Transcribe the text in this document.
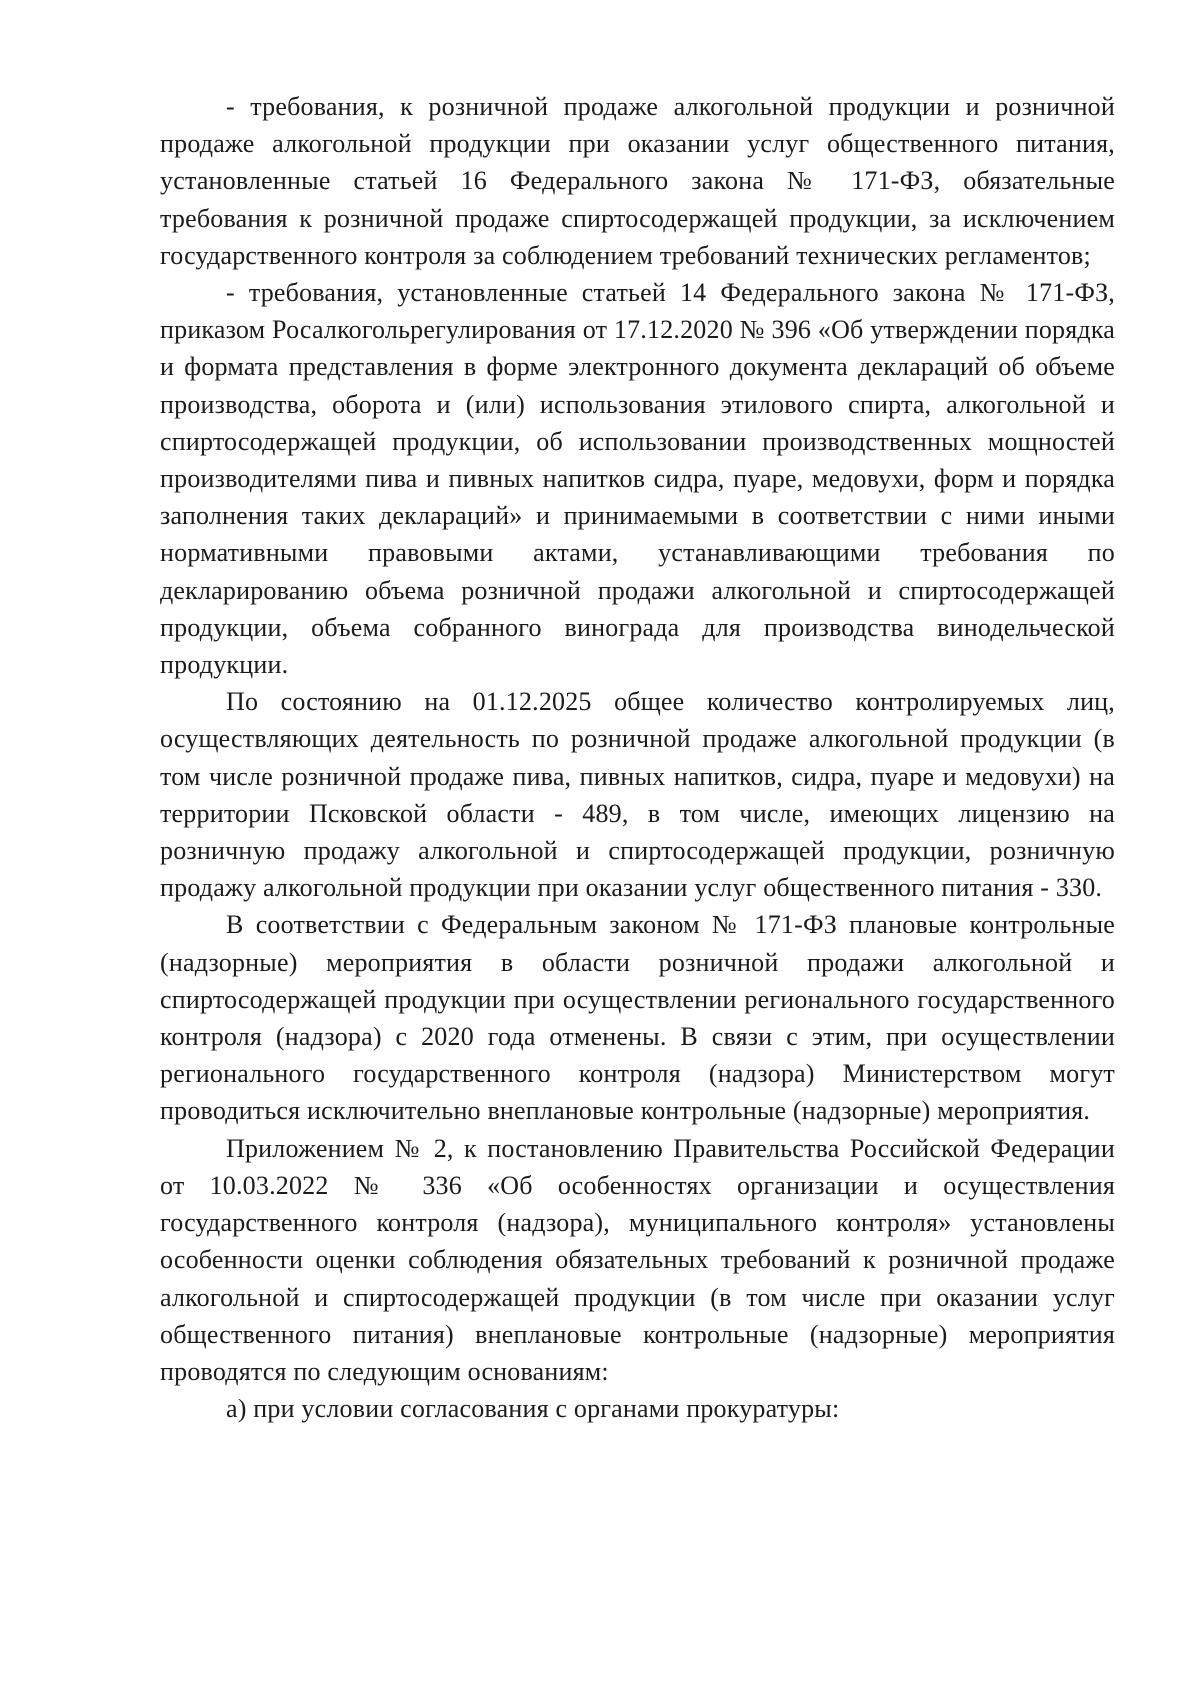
- требования, к розничной продаже алкогольной продукции и розничной продаже алкогольной продукции при оказании услуг общественного питания, установленные статьей 16 Федерального закона № 171-ФЗ, обязательные требования к розничной продаже спиртосодержащей продукции, за исключением государственного контроля за соблюдением требований технических регламентов;

- требования, установленные статьей 14 Федерального закона № 171-ФЗ, приказом Росалкогольрегулирования от 17.12.2020 № 396 «Об утверждении порядка и формата представления в форме электронного документа деклараций об объеме производства, оборота и (или) использования этилового спирта, алкогольной и спиртосодержащей продукции, об использовании производственных мощностей производителями пива и пивных напитков сидра, пуаре, медовухи, форм и порядка заполнения таких деклараций» и принимаемыми в соответствии с ними иными нормативными правовыми актами, устанавливающими требования по декларированию объема розничной продажи алкогольной и спиртосодержащей продукции, объема собранного винограда для производства винодельческой продукции.

По состоянию на 01.12.2025 общее количество контролируемых лиц, осуществляющих деятельность по розничной продаже алкогольной продукции (в том числе розничной продаже пива, пивных напитков, сидра, пуаре и медовухи) на территории Псковской области - 489, в том числе, имеющих лицензию на розничную продажу алкогольной и спиртосодержащей продукции, розничную продажу алкогольной продукции при оказании услуг общественного питания - 330.

В соответствии с Федеральным законом № 171-ФЗ плановые контрольные (надзорные) мероприятия в области розничной продажи алкогольной и спиртосодержащей продукции при осуществлении регионального государственного контроля (надзора) с 2020 года отменены. В связи с этим, при осуществлении регионального государственного контроля (надзора) Министерством могут проводиться исключительно внеплановые контрольные (надзорные) мероприятия.

Приложением № 2, к постановлению Правительства Российской Федерации от 10.03.2022 № 336 «Об особенностях организации и осуществления государственного контроля (надзора), муниципального контроля» установлены особенности оценки соблюдения обязательных требований к розничной продаже алкогольной и спиртосодержащей продукции (в том числе при оказании услуг общественного питания) внеплановые контрольные (надзорные) мероприятия проводятся по следующим основаниям:

а) при условии согласования с органами прокуратуры:
